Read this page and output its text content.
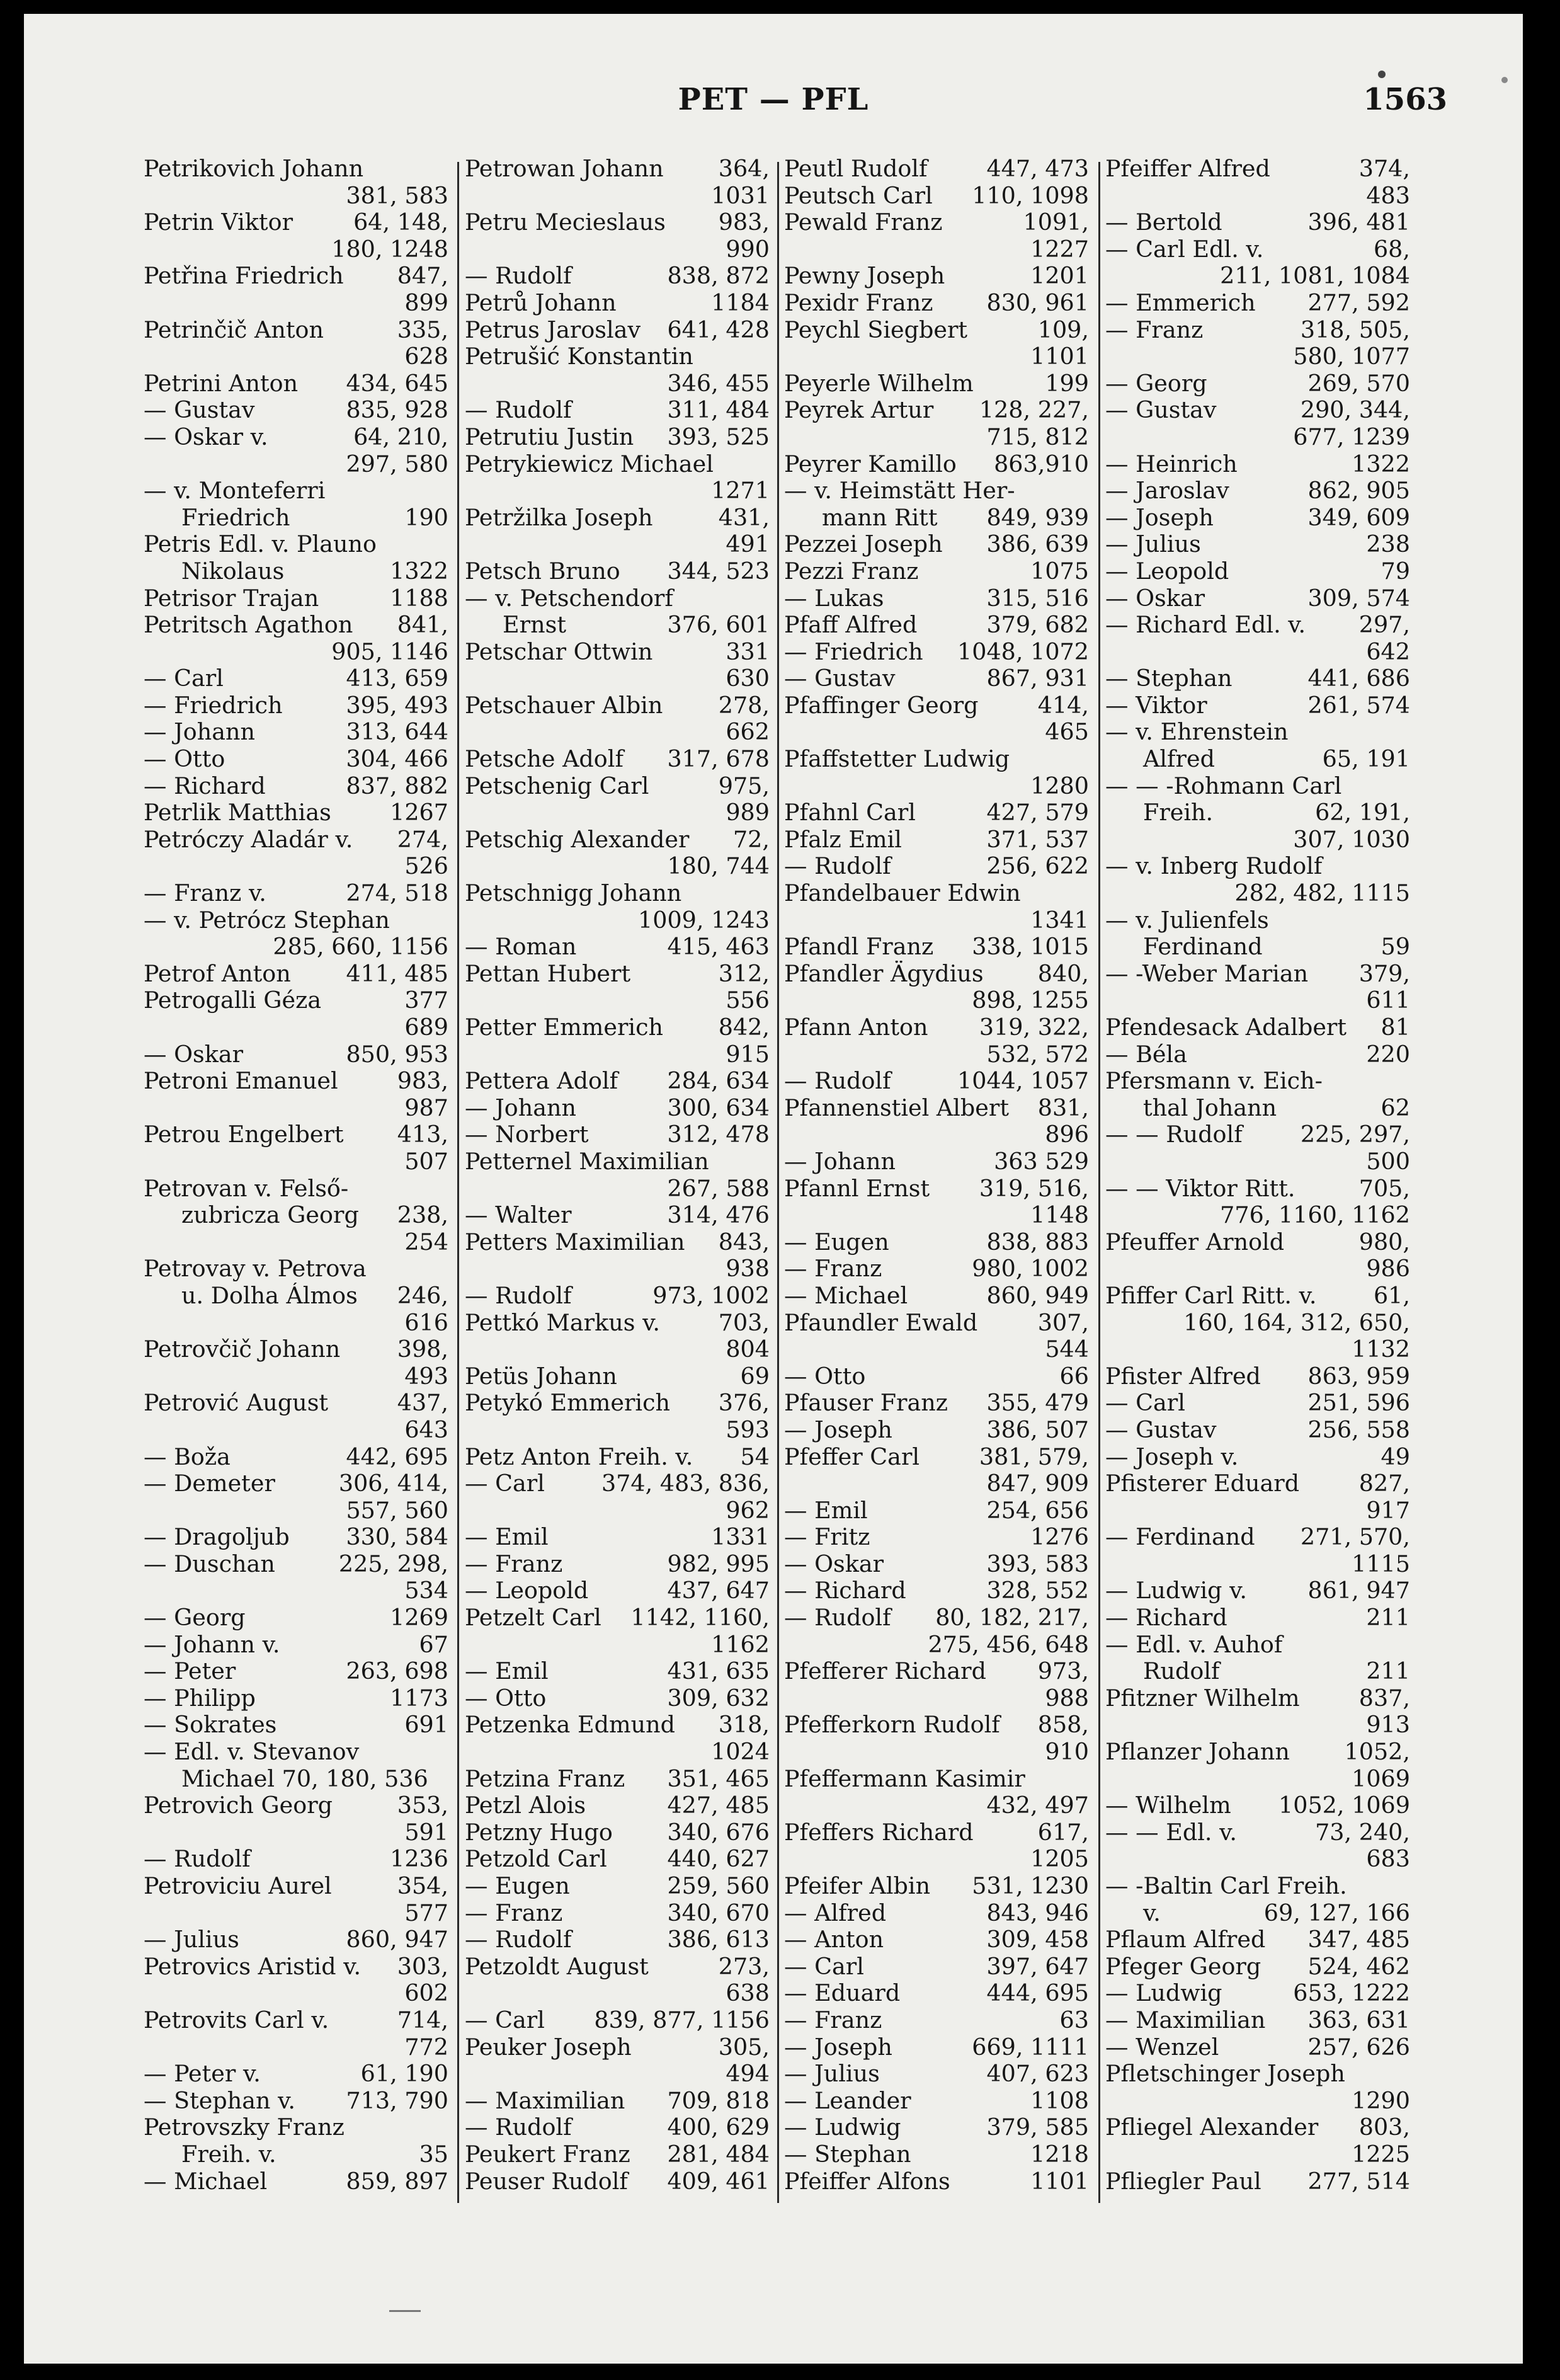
PET — PFL	1563
Petrikovich Johann
381, 583
64, 148,
Petrin Viktor
180, 1248
847,
Petřina Friedrich
899
335,
Petrinčič Anton
628
434, 645
Petrini Anton
835, 928
— Gustav
64, 210,
— Oskar v.
297, 580
— v. Monteferri
190
Friedrich
Petris Edl. v. Plauno
1322
Nikolaus
1188
Petrisor Trajan
841,
Petritsch Agathon
905, 1146
413, 659
— Carl
395, 493
— Friedrich
313, 644
— Johann
304, 466
— Otto
837, 882
— Richard
1267
Petrlik Matthias
274,
Petróczy Aladár v.
526
274, 518
— Franz v.
— v. Petrócz Stephan
285, 660, 1156
411, 485
Petrof Anton
377
Petrogalli Géza
689
850, 953
— Oskar
983,
Petroni Emanuel
987
413,
Petrou Engelbert
507
Petrovan v. Felső-
238,
zubricza Georg
254
Petrovay v. Petrova
246,
u. Dolha Álmos
616
398,
Petrovčič Johann
493
437,
Petrović August
643
442, 695
— Boža
306, 414,
— Demeter
557, 560
330, 584
— Dragoljub
225, 298,
— Duschan
534
1269
— Georg
67
— Johann v.
263, 698
— Peter
1173
— Philipp
691
— Sokrates
— Edl. v. Stevanov
Michael 70, 180, 536
353,
Petrovich Georg
591
1236
— Rudolf
354,
Petroviciu Aurel
577
860, 947
— Julius
303,
Petrovics Aristid v.
602
714,
Petrovits Carl v.
772
61, 190
— Peter v.
713, 790
— Stephan v.
Petrovszky Franz
35
Freih. v.
859, 897
— Michael
364,
Petrowan Johann
1031
983,
Petru Mecieslaus
990
838, 872
— Rudolf
1184
Petrů Johann
641, 428
Petrus Jaroslav
Petrušić Konstantin
346, 455
311, 484
— Rudolf
393, 525
Petrutiu Justin
Petrykiewicz Michael
1271
431,
Petržilka Joseph
491
344, 523
Petsch Bruno
— v. Petschendorf
376, 601
Ernst
331
Petschar Ottwin
630
278,
Petschauer Albin
662
317, 678
Petsche Adolf
975,
Petschenig Carl
989
72,
Petschig Alexander
180, 744
Petschnigg Johann
1009, 1243
415, 463
— Roman
312,
Pettan Hubert
556
842,
Petter Emmerich
915
284, 634
Pettera Adolf
300, 634
— Johann
312, 478
— Norbert
Petternel Maximilian
267, 588
314, 476
— Walter
843,
Petters Maximilian
938
973, 1002
— Rudolf
703,
Pettkó Markus v.
804
69
Petüs Johann
376,
Petykó Emmerich
593
54
Petz Anton Freih. v.
374, 483, 836,
— Carl
962
1331
— Emil
982, 995
— Franz
437, 647
— Leopold
1142, 1160,
Petzelt Carl
1162
431, 635
— Emil
309, 632
— Otto
318,
Petzenka Edmund
1024
351, 465
Petzina Franz
427, 485
Petzl Alois
340, 676
Petzny Hugo
440, 627
Petzold Carl
259, 560
— Eugen
340, 670
— Franz
386, 613
— Rudolf
273,
Petzoldt August
638
839, 877, 1156
— Carl
305,
Peuker Joseph
494
709, 818
— Maximilian
400, 629
— Rudolf
281, 484
Peukert Franz
409, 461
Peuser Rudolf
447, 473
Peutl Rudolf
110, 1098
Peutsch Carl
1091,
Pewald Franz
1227
1201
Pewny Joseph
830, 961
Pexidr Franz
109,
Peychl Siegbert
1101
199
Peyerle Wilhelm
128, 227,
Peyrek Artur
715, 812
863,910
Peyrer Kamillo
— v. Heimstätt Her-
849, 939
mann Ritt
386, 639
Pezzei Joseph
1075
Pezzi Franz
315, 516
— Lukas
379, 682
Pfaff Alfred
1048, 1072
— Friedrich
867, 931
— Gustav
414,
Pfaffinger Georg
465
Pfaffstetter Ludwig
1280
427, 579
Pfahnl Carl
371, 537
Pfalz Emil
256, 622
— Rudolf
Pfandelbauer Edwin
1341
338, 1015
Pfandl Franz
840,
Pfandler Ägydius
898, 1255
319, 322,
Pfann Anton
532, 572
1044, 1057
— Rudolf
831,
Pfannenstiel Albert
896
363 529
— Johann
319, 516,
Pfannl Ernst
1148
838, 883
— Eugen
980, 1002
— Franz
860, 949
— Michael
307,
Pfaundler Ewald
544
66
— Otto
355, 479
Pfauser Franz
386, 507
— Joseph
381, 579,
Pfeffer Carl
847, 909
254, 656
— Emil
1276
— Fritz
393, 583
— Oskar
328, 552
— Richard
80, 182, 217,
— Rudolf
275, 456, 648
973,
Pfefferer Richard
988
858,
Pfefferkorn Rudolf
910
Pfeffermann Kasimir
432, 497
617,
Pfeffers Richard
1205
531, 1230
Pfeifer Albin
843, 946
— Alfred
309, 458
— Anton
397, 647
— Carl
444, 695
— Eduard
63
— Franz
669, 1111
— Joseph
407, 623
— Julius
1108
— Leander
379, 585
— Ludwig
1218
— Stephan
1101
Pfeiffer Alfons
374,
Pfeiffer Alfred
483
396, 481
— Bertold
68,
— Carl Edl. v.
211, 1081, 1084
277, 592
— Emmerich
318, 505,
— Franz
580, 1077
269, 570
— Georg
290, 344,
— Gustav
677, 1239
1322
— Heinrich
862, 905
— Jaroslav
349, 609
— Joseph
238
— Julius
79
— Leopold
309, 574
— Oskar
297,
— Richard Edl. v.
642
441, 686
— Stephan
261, 574
— Viktor
— v. Ehrenstein
65, 191
Alfred
— — -Rohmann Carl
62, 191,
Freih.
307, 1030
— v. Inberg Rudolf
282, 482, 1115
— v. Julienfels
59
Ferdinand
379,
— -Weber Marian
611
81
Pfendesack Adalbert
220
— Béla
Pfersmann v. Eich-
62
thal Johann
225, 297,
— — Rudolf
500
705,
— — Viktor Ritt.
776, 1160, 1162
980,
Pfeuffer Arnold
986
61,
Pfiffer Carl Ritt. v.
160, 164, 312, 650,
1132
863, 959
Pfister Alfred
251, 596
— Carl
256, 558
— Gustav
49
— Joseph v.
827,
Pfisterer Eduard
917
271, 570,
— Ferdinand
1115
861, 947
— Ludwig v.
211
— Richard
— Edl. v. Auhof
211
Rudolf
837,
Pfitzner Wilhelm
913
1052,
Pflanzer Johann
1069
1052, 1069
— Wilhelm
73, 240,
— — Edl. v.
683
— -Baltin Carl Freih.
69, 127, 166
v.
347, 485
Pflaum Alfred
524, 462
Pfeger Georg
653, 1222
— Ludwig
363, 631
— Maximilian
257, 626
— Wenzel
Pfletschinger Joseph
1290
803,
Pfliegel Alexander
1225
277, 514
Pfliegler Paul
